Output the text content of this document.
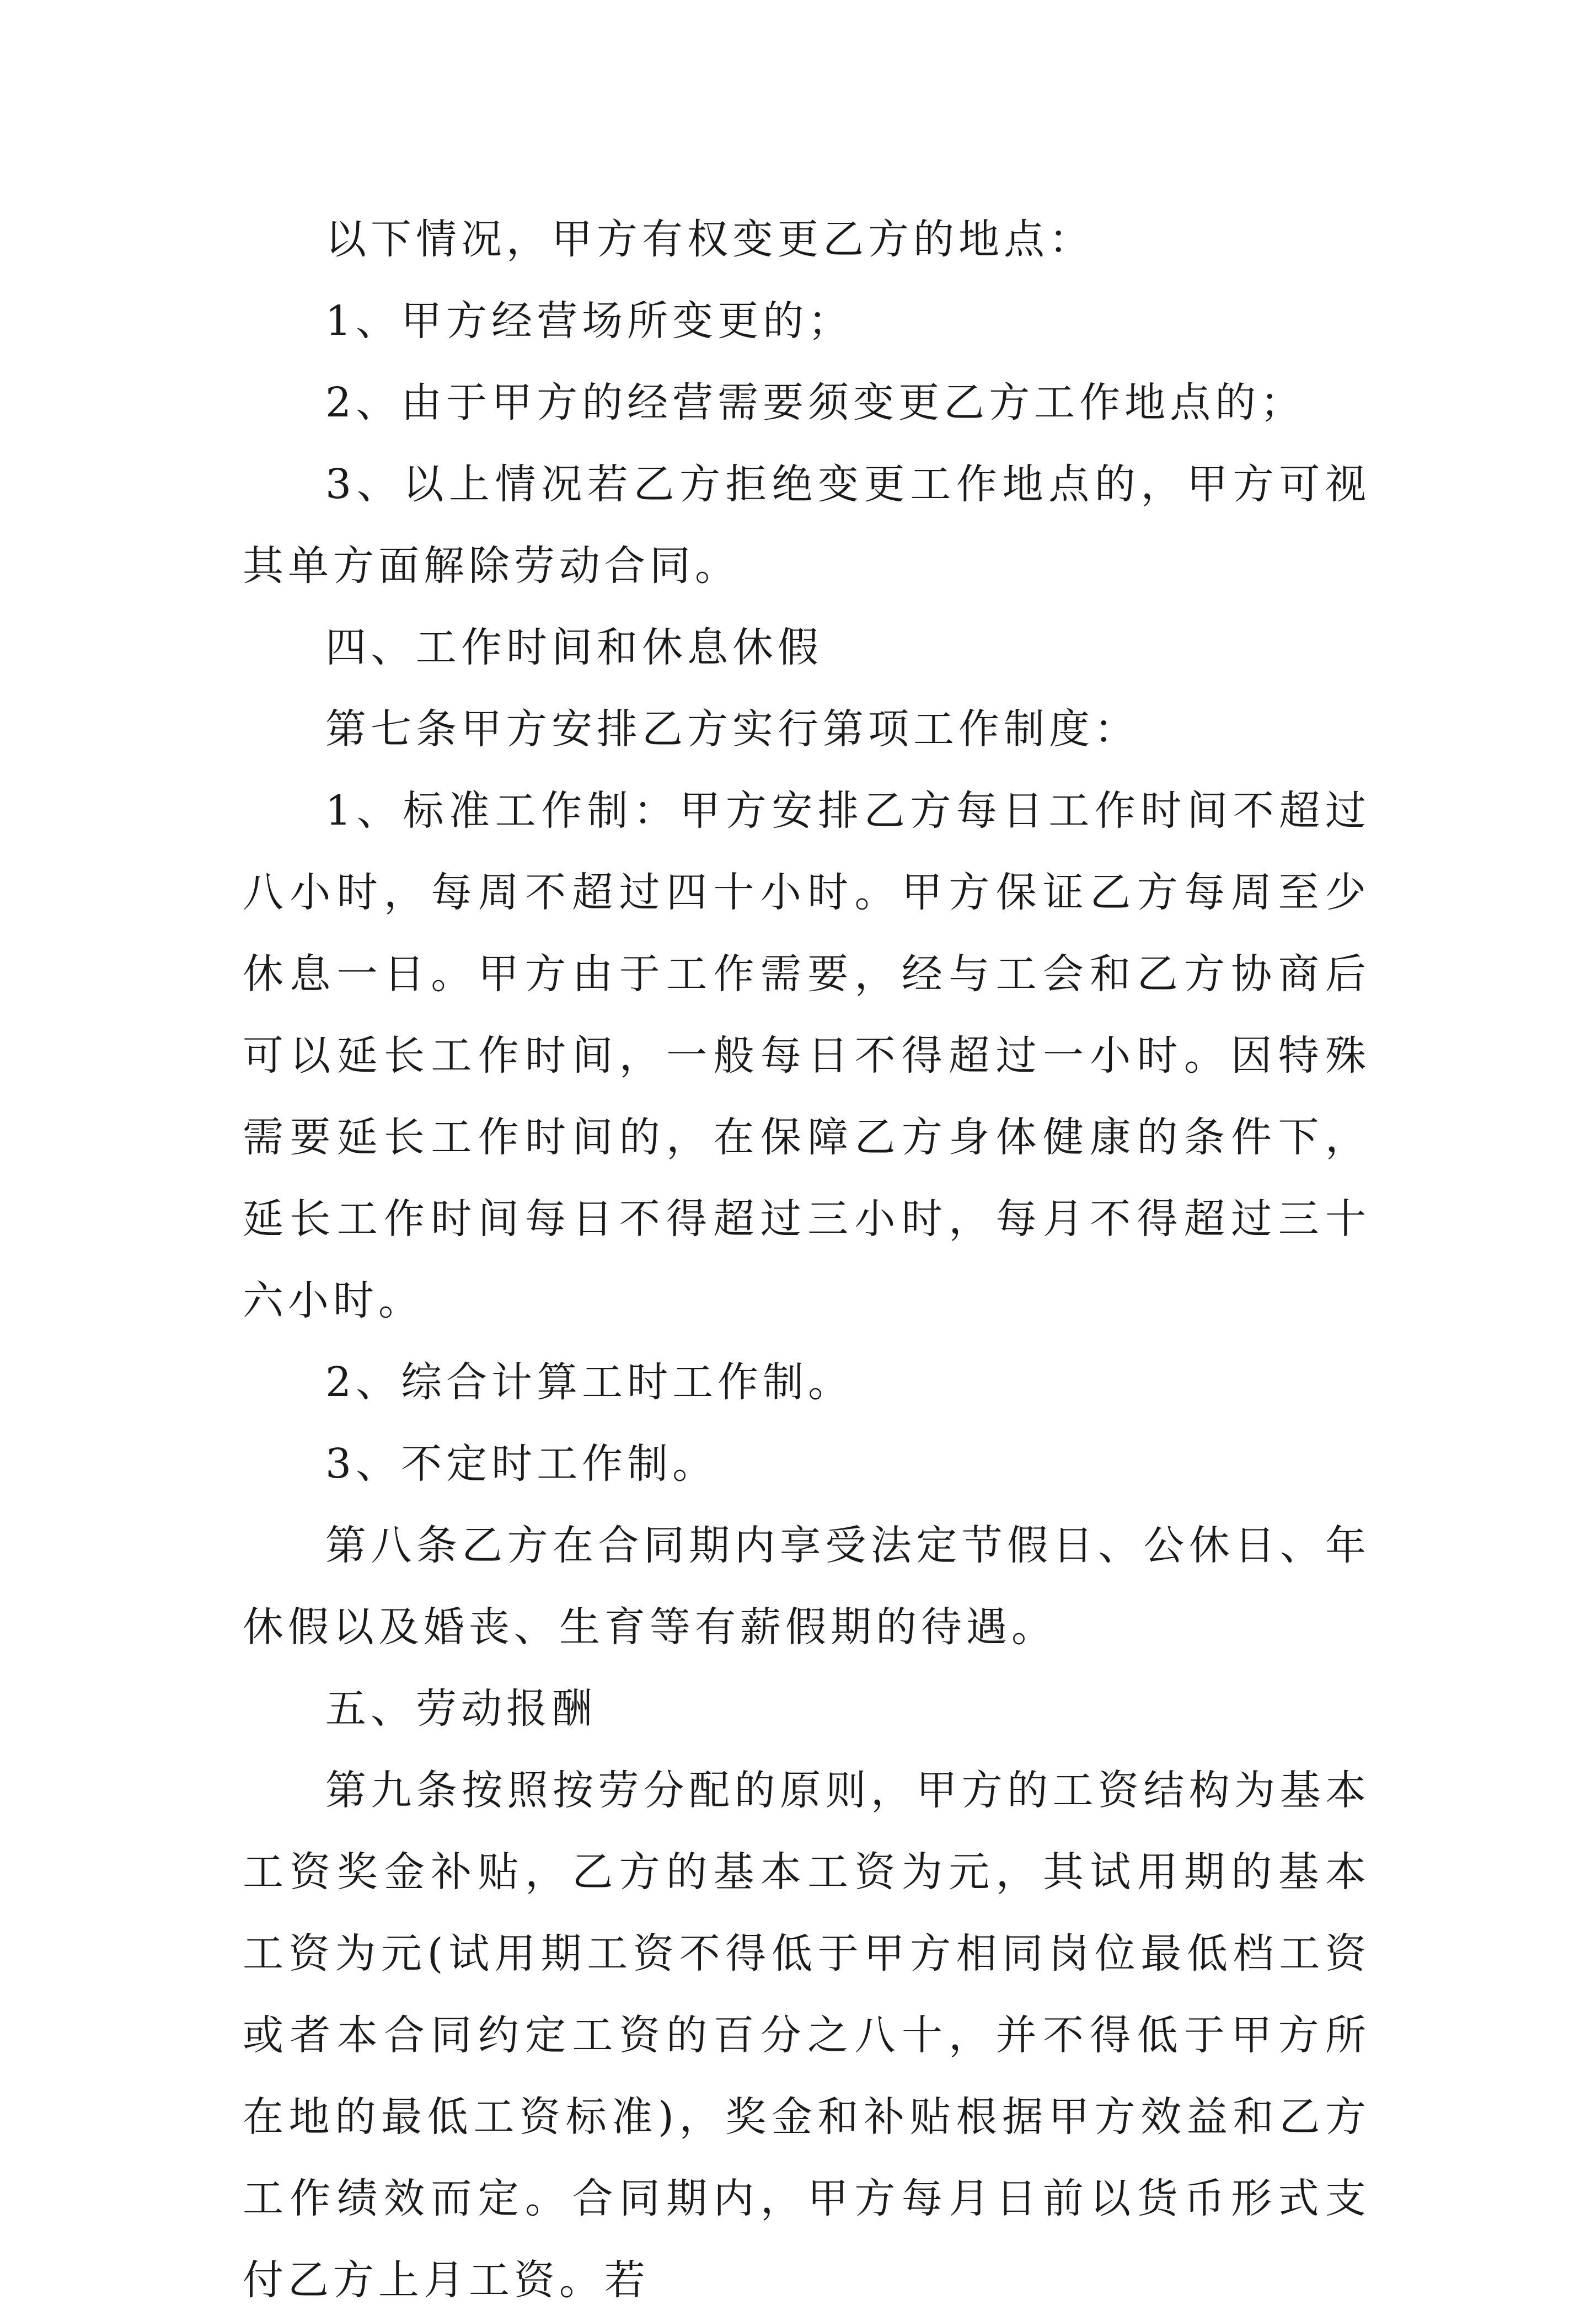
以下情况，甲方有权变更乙方的地点：

1、甲方经营场所变更的；

2、由于甲方的经营需要须变更乙方工作地点的；

3、以上情况若乙方拒绝变更工作地点的，甲方可视其单方面解除劳动合同。

四、工作时间和休息休假

第七条甲方安排乙方实行第项工作制度：

1、标准工作制：甲方安排乙方每日工作时间不超过八小时，每周不超过四十小时。甲方保证乙方每周至少休息一日。甲方由于工作需要，经与工会和乙方协商后可以延长工作时间，一般每日不得超过一小时。因特殊需要延长工作时间的，在保障乙方身体健康的条件下，延长工作时间每日不得超过三小时，每月不得超过三十六小时。

2、综合计算工时工作制。

3、不定时工作制。

第八条乙方在合同期内享受法定节假日、公休日、年休假以及婚丧、生育等有薪假期的待遇。

五、劳动报酬

第九条按照按劳分配的原则，甲方的工资结构为基本工资奖金补贴，乙方的基本工资为元，其试用期的基本工资为元(试用期工资不得低于甲方相同岗位最低档工资或者本合同约定工资的百分之八十，并不得低于甲方所在地的最低工资标准)，奖金和补贴根据甲方效益和乙方工作绩效而定。合同期内，甲方每月日前以货币形式支付乙方上月工资。若
